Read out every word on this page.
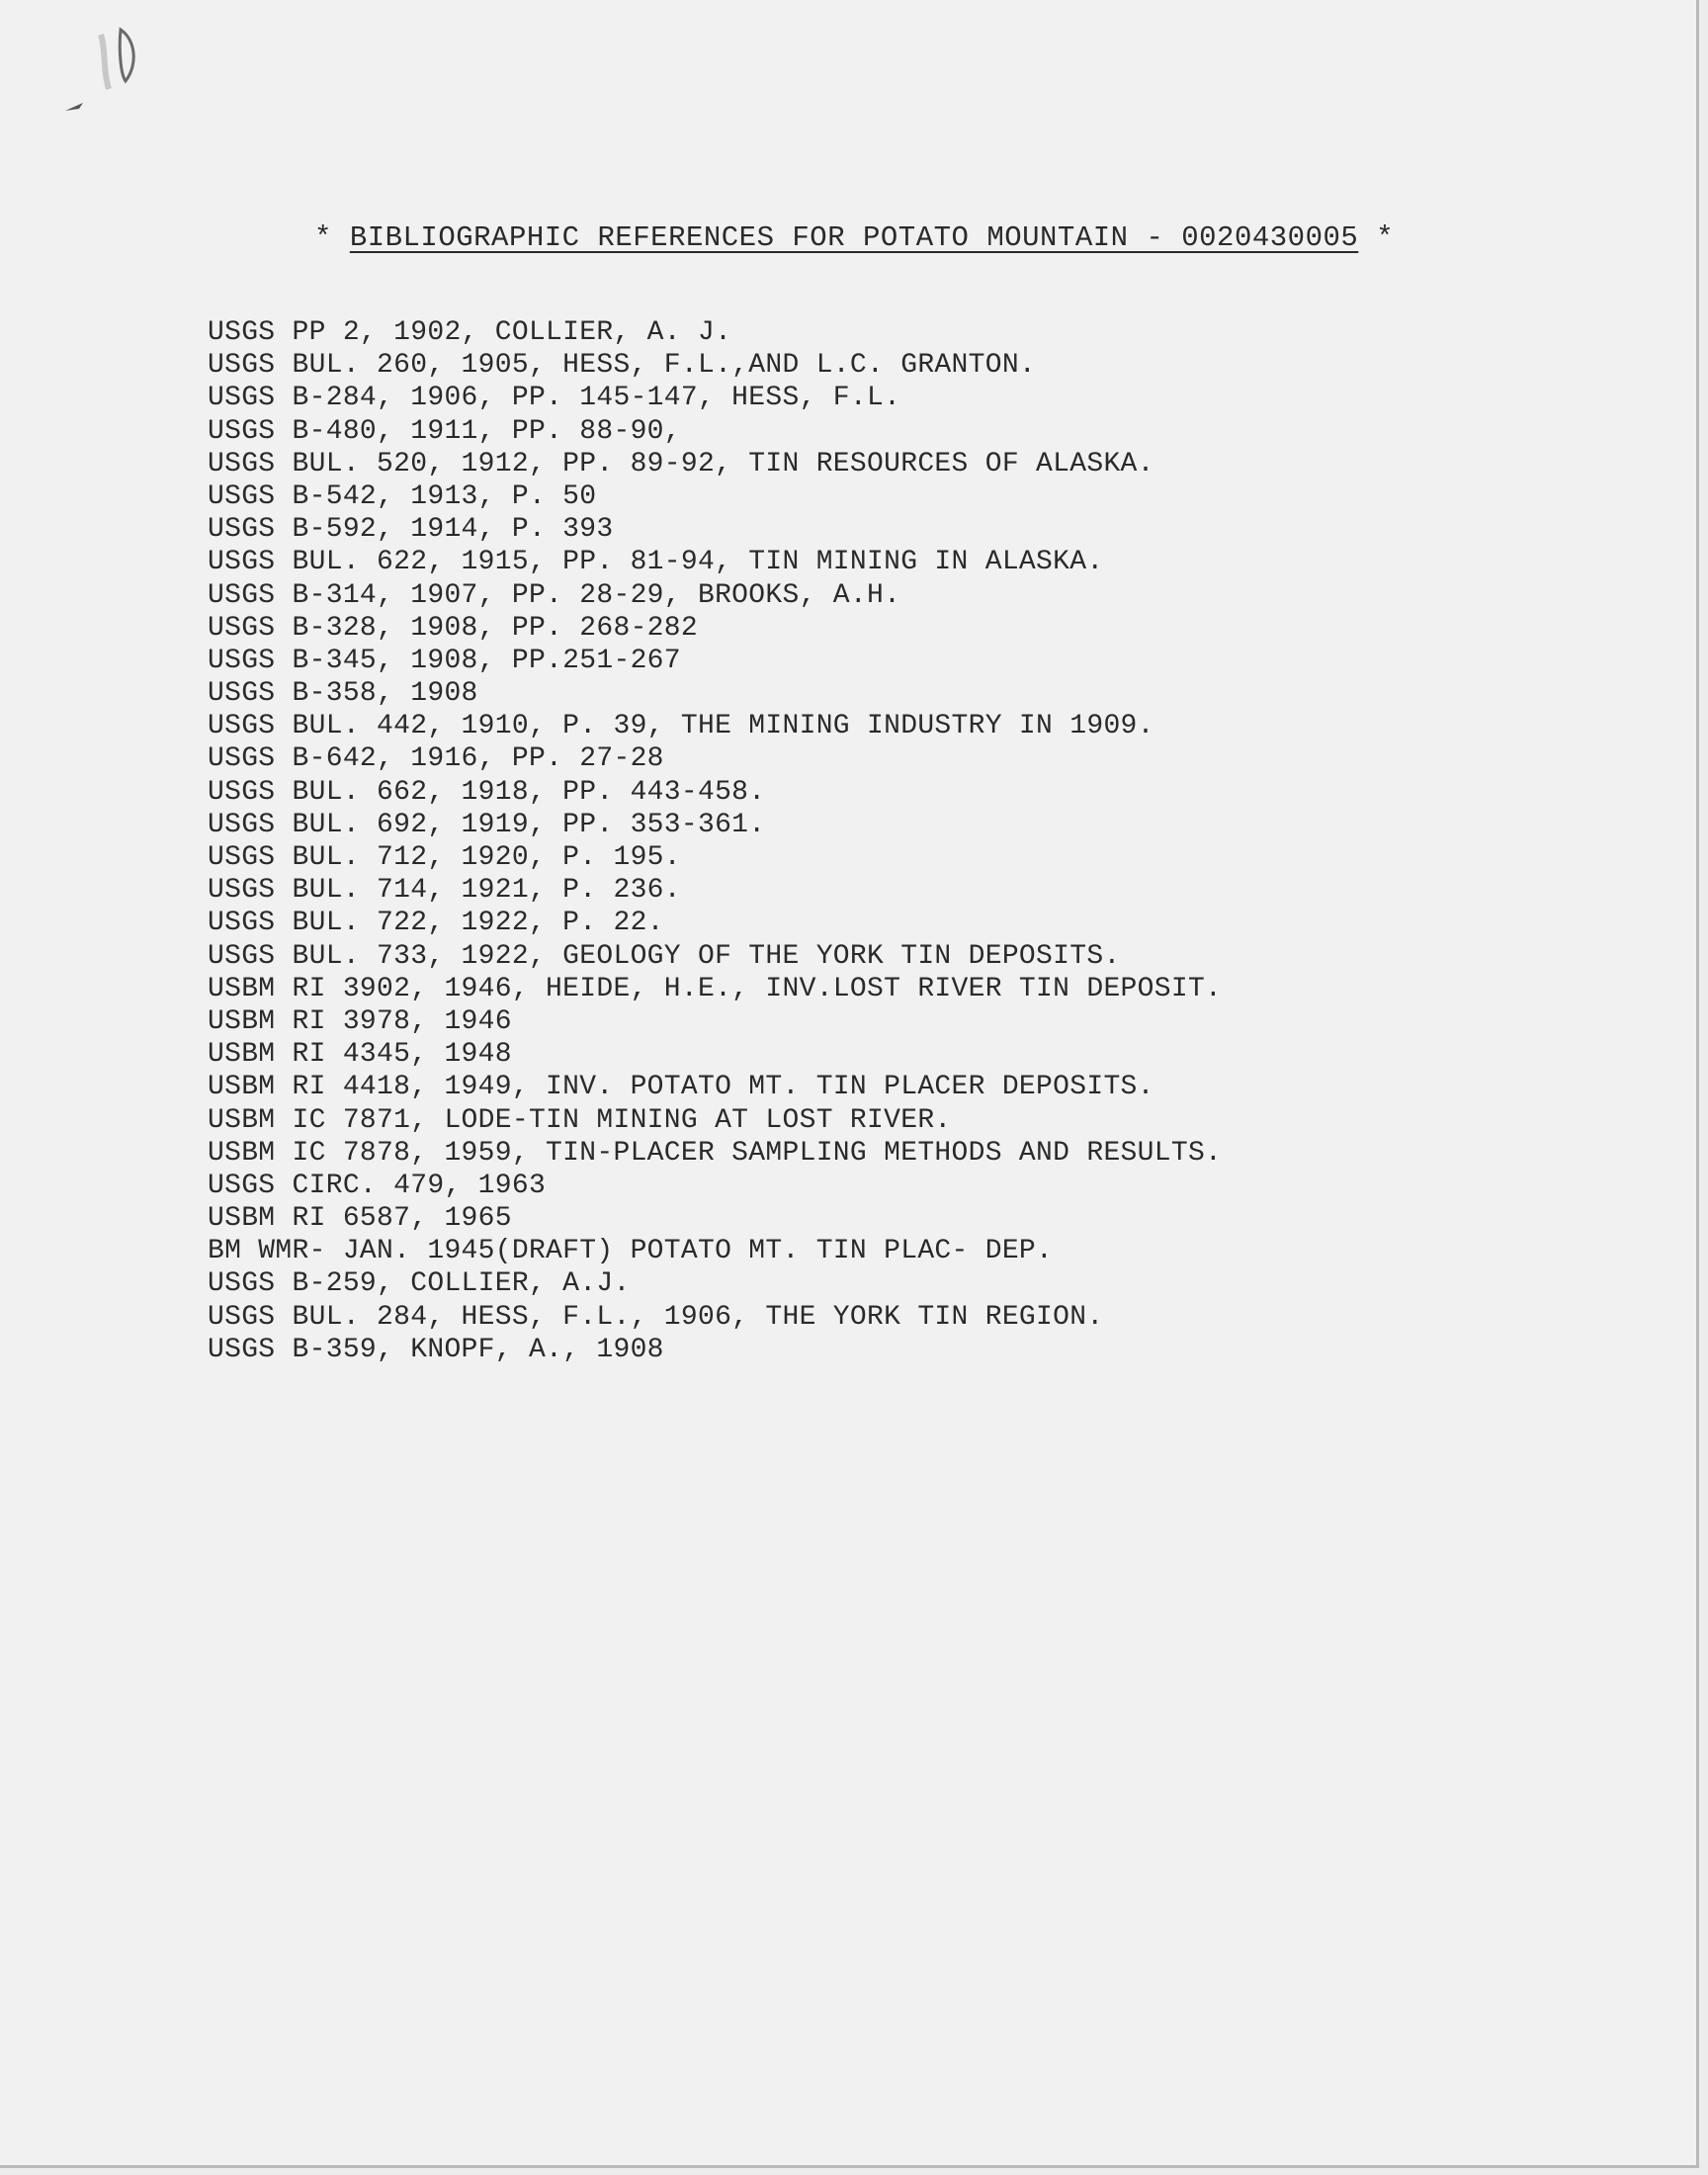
* BIBLIOGRAPHIC REFERENCES FOR POTATO MOUNTAIN - 0020430005 *
USGS PP 2, 1902, COLLIER, A. J.
USGS BUL. 260, 1905, HESS, F.L.,AND L.C. GRANTON.
USGS B-284, 1906, PP. 145-147, HESS, F.L.
USGS B-480, 1911, PP. 88-90,
USGS BUL. 520, 1912, PP. 89-92, TIN RESOURCES OF ALASKA.
USGS B-542, 1913, P. 50
USGS B-592, 1914, P. 393
USGS BUL. 622, 1915, PP. 81-94, TIN MINING IN ALASKA.
USGS B-314, 1907, PP. 28-29, BROOKS, A.H.
USGS B-328, 1908, PP. 268-282
USGS B-345, 1908, PP.251-267
USGS B-358, 1908
USGS BUL. 442, 1910, P. 39, THE MINING INDUSTRY IN 1909.
USGS B-642, 1916, PP. 27-28
USGS BUL. 662, 1918, PP. 443-458.
USGS BUL. 692, 1919, PP. 353-361.
USGS BUL. 712, 1920, P. 195.
USGS BUL. 714, 1921, P. 236.
USGS BUL. 722, 1922, P. 22.
USGS BUL. 733, 1922, GEOLOGY OF THE YORK TIN DEPOSITS.
USBM RI 3902, 1946, HEIDE, H.E., INV.LOST RIVER TIN DEPOSIT.
USBM RI 3978, 1946
USBM RI 4345, 1948
USBM RI 4418, 1949, INV. POTATO MT. TIN PLACER DEPOSITS.
USBM IC 7871, LODE-TIN MINING AT LOST RIVER.
USBM IC 7878, 1959, TIN-PLACER SAMPLING METHODS AND RESULTS.
USGS CIRC. 479, 1963
USBM RI 6587, 1965
BM WMR- JAN. 1945(DRAFT) POTATO MT. TIN PLAC- DEP.
USGS B-259, COLLIER, A.J.
USGS BUL. 284, HESS, F.L., 1906, THE YORK TIN REGION.
USGS B-359, KNOPF, A., 1908
